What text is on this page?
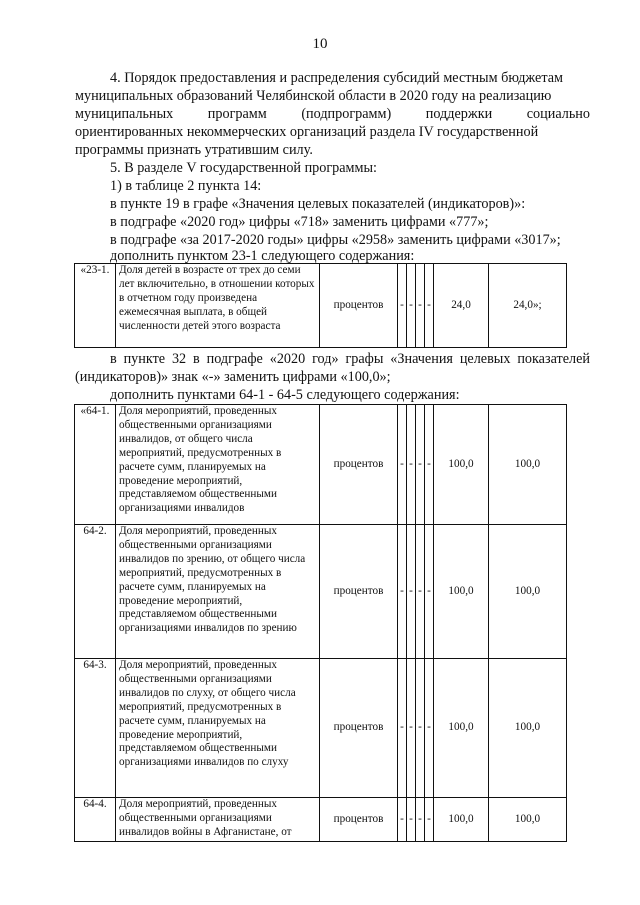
10
4. Порядок предоставления и распределения субсидий местным бюджетам
муниципальных образований Челябинской области в 2020 году на реализацию
муниципальных программ (подпрограмм) поддержки социально
ориентированных некоммерческих организаций раздела IV государственной
программы признать утратившим силу.
5. В разделе V государственной программы:
1) в таблице 2 пункта 14:
в пункте 19 в графе «Значения целевых показателей (индикаторов)»:
в подграфе «2020 год» цифры «718» заменить цифрами «777»;
в подграфе «за 2017-2020 годы» цифры «2958» заменить цифрами «3017»;
дополнить пунктом 23-1 следующего содержания:
«23-1.	Доля детей в возрасте от трех до семи лет включительно, в отношении которых в отчетном году произведена ежемесячная выплата, в общей численности детей этого возраста	процентов	-	-	-	-	24,0	24,0»;
в пункте 32 в подграфе «2020 год» графы «Значения целевых показателей
(индикаторов)» знак «-» заменить цифрами «100,0»;
дополнить пунктами 64-1 - 64-5 следующего содержания:
«64-1.	Доля мероприятий, проведенных общественными организациями инвалидов, от общего числа мероприятий, предусмотренных в расчете сумм, планируемых на проведение мероприятий, представляемом общественными организациями инвалидов	процентов	-	-	-	-	100,0	100,0
64-2.	Доля мероприятий, проведенных общественными организациями инвалидов по зрению, от общего числа мероприятий, предусмотренных в расчете сумм, планируемых на проведение мероприятий, представляемом общественными организациями инвалидов по зрению	процентов	-	-	-	-	100,0	100,0
64-3.	Доля мероприятий, проведенных общественными организациями инвалидов по слуху, от общего числа мероприятий, предусмотренных в расчете сумм, планируемых на проведение мероприятий, представляемом общественными организациями инвалидов по слуху	процентов	-	-	-	-	100,0	100,0
64-4.	Доля мероприятий, проведенных общественными организациями инвалидов войны в Афганистане, от	процентов	-	-	-	-	100,0	100,0
